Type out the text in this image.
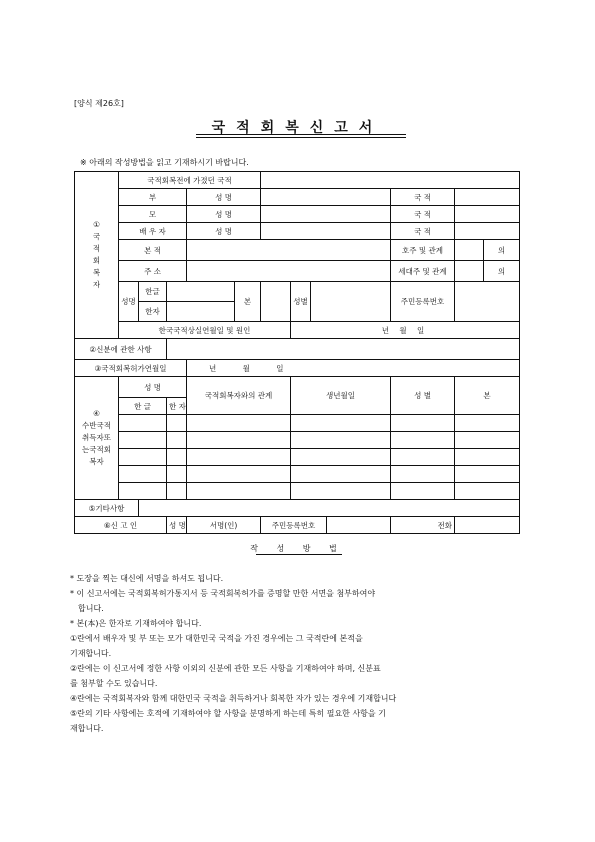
[양식 제26호]
국적회복신고서
※ 아래의 작성방법을 읽고 기재하시기 바랍니다.
①
국적회복자	국적회복전에 가졌던 국적											
	부			성 명						국 적		
	모			성 명						국 적		
	배 우 자			성 명						국 적		
	본 적									호주 및 관계		의
	주 소									세대주 및 관계		의
	성명	한글			본		성별			주민등록번호		
		한자										
	한국국적상실연월일 및 원인						년 월 일					
②신분에 관한 사항												
③국적회복허가연월일				년 월 일								
④
수반국적취득자또는국적회복자	성 명			국적회복자와의 관계			생년월일			성 별	본	
	한 글		한 자									

⑤기타사항												
⑥신 고 인			성 명	서명(인)		주민등록번호				전화		
작 성 방 법

* 도장을 찍는 대신에 서명을 하셔도 됩니다.

* 이 신고서에는 국적회복허가통지서 등 국적회복허가를 증명할 만한 서면을 첨부하여야

합니다.

* 본(本)은 한자로 기재하여야 합니다.

①란에서 배우자 및 부 또는 모가 대한민국 국적을 가진 경우에는 그 국적란에 본적을

기재합니다.

②란에는 이 신고서에 정한 사항 이외의 신분에 관한 모든 사항을 기재하여야 하며, 신분표

를 첨부할 수도 있습니다.

④란에는 국적회복자와 함께 대한민국 국적을 취득하거나 회복한 자가 있는 경우에 기재합니다

⑤란의 기타 사항에는 호적에 기재하여야 할 사항을 분명하게 하는데 특히 필요한 사항을 기

재합니다.
